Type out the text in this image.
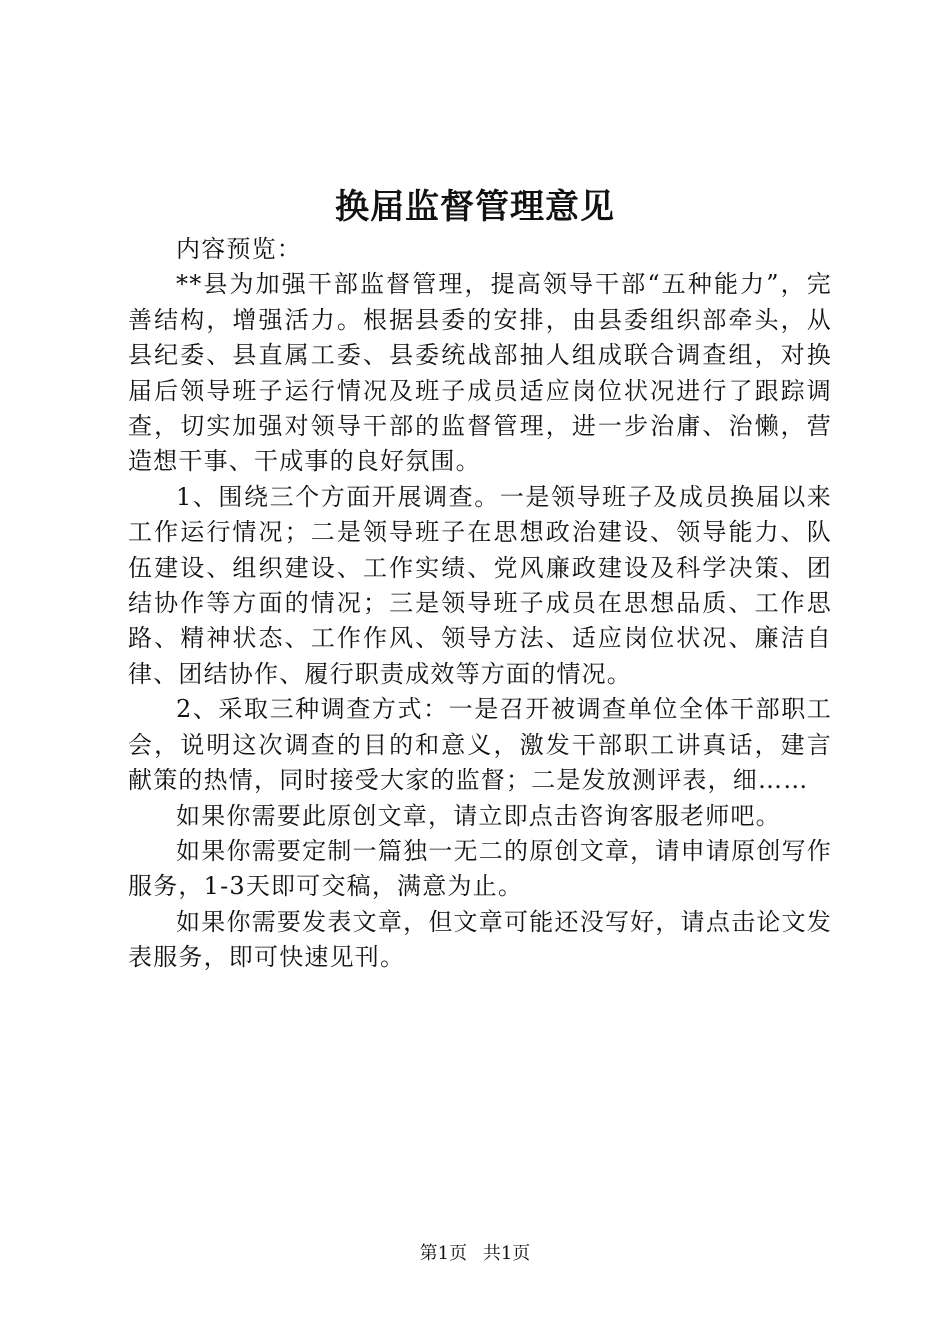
换届监督管理意见

内容预览：

**县为加强干部监督管理，提高领导干部“五种能力”，完善结构，增强活力。根据县委的安排，由县委组织部牵头，从县纪委、县直属工委、县委统战部抽人组成联合调查组，对换届后领导班子运行情况及班子成员适应岗位状况进行了跟踪调查，切实加强对领导干部的监督管理，进一步治庸、治懒，营造想干事、干成事的良好氛围。

1、围绕三个方面开展调查。一是领导班子及成员换届以来工作运行情况；二是领导班子在思想政治建设、领导能力、队伍建设、组织建设、工作实绩、党风廉政建设及科学决策、团结协作等方面的情况；三是领导班子成员在思想品质、工作思路、精神状态、工作作风、领导方法、适应岗位状况、廉洁自律、团结协作、履行职责成效等方面的情况。

2、采取三种调查方式：一是召开被调查单位全体干部职工会，说明这次调查的目的和意义，激发干部职工讲真话，建言献策的热情，同时接受大家的监督；二是发放测评表，细……

如果你需要此原创文章，请立即点击咨询客服老师吧。

如果你需要定制一篇独一无二的原创文章，请申请原创写作服务，1-3天即可交稿，满意为止。

如果你需要发表文章，但文章可能还没写好，请点击论文发表服务，即可快速见刊。

第1页 共1页
